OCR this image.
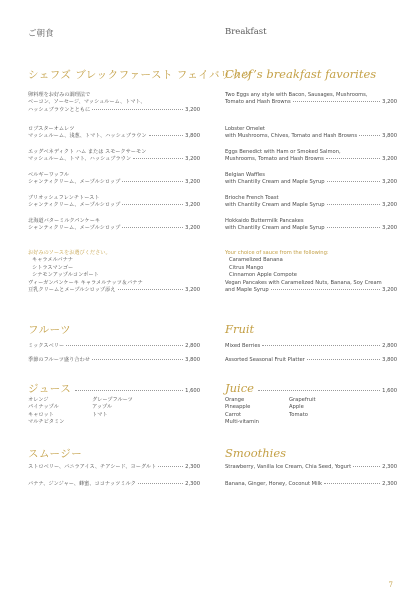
ご朝食
シェフズ ブレックファースト フェイバリッツ
卵料理をお好みの調理法で
ベーコン、ソーセージ、マッシュルーム、トマト、
ハッシュブラウンとともに	3,200
ロブスターオムレツ
マッシュルーム、浅葱、トマト、ハッシュブラウン	3,800
エッグベネディクト ハム または スモークサーモン
マッシュルーム、トマト、ハッシュブラウン	3,200
ベルギーワッフル
シャンティクリーム、メープルシロップ	3,200
ブリオッシュフレンチトースト
シャンティクリーム、メープルシロップ	3,200
北海道バターミルクパンケーキ
シャンティクリーム、メープルシロップ	3,200
お好みのソースをお選びください。
キャラメルバナナ
シトラスマンゴー
シナモンアップルコンポート
ヴィーガンパンケーキ キャラメルナッツ＆バナナ
豆乳クリームとメープルシロップ添え	3,200
フルーツ
ミックスベリー	2,800
季節のフルーツ盛り合わせ	3,800
ジュース	1,600
オレンジ	グレープフルーツ
パイナップル	アップル
キャロット	トマト
マルチビタミン
スムージー
ストロベリー、バニラアイス、チアシード、ヨーグルト	2,300
バナナ、ジンジャー、蜂蜜、ココナッツミルク	2,300
Breakfast
Chef’s breakfast favorites
Two Eggs any style with Bacon, Sausages, Mushrooms,
Tomato and Hash Browns	3,200
Lobster Omelet
with Mushrooms, Chives, Tomato and Hash Browns	3,800
Eggs Benedict with Ham or Smoked Salmon,
Mushrooms, Tomato and Hash Browns	3,200
Belgian Waffles
with Chantilly Cream and Maple Syrup	3,200
Brioche French Toast
with Chantilly Cream and Maple Syrup	3,200
Hokkaido Buttermilk Pancakes
with Chantilly Cream and Maple Syrup	3,200
Your choice of sauce from the following:
Caramelized Banana
Citrus Mango
Cinnamon Apple Compote
Vegan Pancakes with Caramelized Nuts, Banana, Soy Cream
and Maple Syrup	3,200
Fruit
Mixed Berries	2,800
Assorted Seasonal Fruit Platter	3,800
Juice	1,600
Orange	Grapefruit
Pineapple	Apple
Carrot	Tomato
Multi-vitamin
Smoothies
Strawberry, Vanilla Ice Cream, Chia Seed, Yogurt	2,300
Banana, Ginger, Honey, Coconut Milk	2,300
7
